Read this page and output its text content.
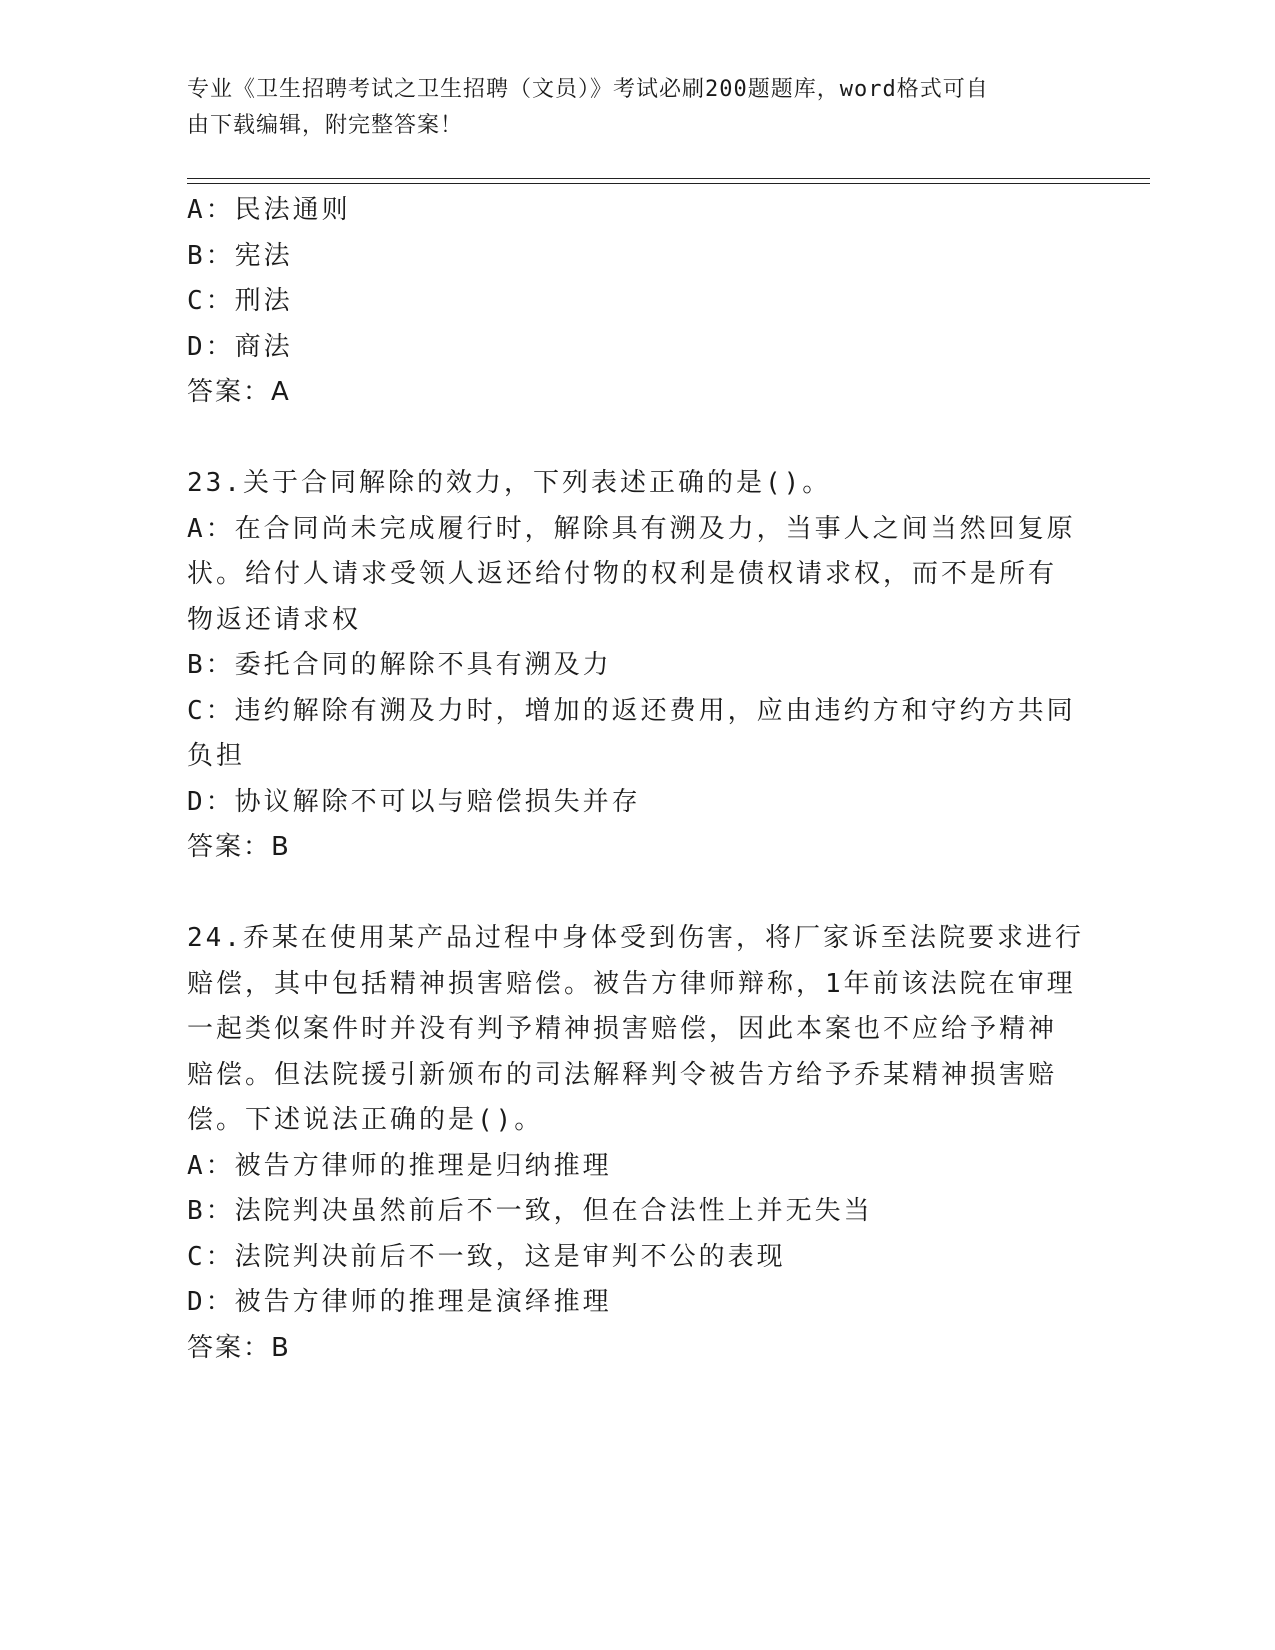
专业《卫生招聘考试之卫生招聘（文员）》考试必刷200题题库，word格式可自
由下载编辑，附完整答案！
A：民法通则
B：宪法
C：刑法
D：商法
答案：A
23.关于合同解除的效力，下列表述正确的是()。
A：在合同尚未完成履行时，解除具有溯及力，当事人之间当然回复原
状。给付人请求受领人返还给付物的权利是债权请求权，而不是所有
物返还请求权
B：委托合同的解除不具有溯及力
C：违约解除有溯及力时，增加的返还费用，应由违约方和守约方共同
负担
D：协议解除不可以与赔偿损失并存
答案：B
24.乔某在使用某产品过程中身体受到伤害，将厂家诉至法院要求进行
赔偿，其中包括精神损害赔偿。被告方律师辩称，1年前该法院在审理
一起类似案件时并没有判予精神损害赔偿，因此本案也不应给予精神
赔偿。但法院援引新颁布的司法解释判令被告方给予乔某精神损害赔
偿。下述说法正确的是()。
A：被告方律师的推理是归纳推理
B：法院判决虽然前后不一致，但在合法性上并无失当
C：法院判决前后不一致，这是审判不公的表现
D：被告方律师的推理是演绎推理
答案：B
